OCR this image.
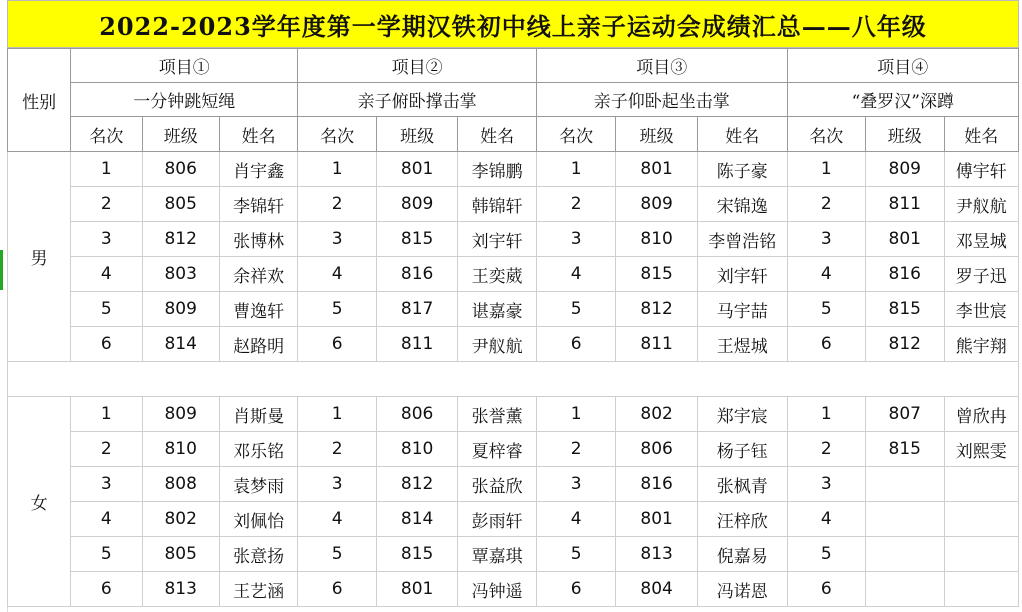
2022-2023学年度第一学期汉铁初中线上亲子运动会成绩汇总——八年级
性别	项目①			项目②			项目③			项目④		
	一分钟跳短绳			亲子俯卧撑击掌			亲子仰卧起坐击掌			“叠罗汉”深蹲		
	名次	班级	姓名	名次	班级	姓名	名次	班级	姓名	名次	班级	姓名
男	1	806	肖宇鑫	1	801	李锦鹏	1	801	陈子豪	1	809	傅宇轩
	2	805	李锦轩	2	809	韩锦轩	2	809	宋锦逸	2	811	尹舣航
	3	812	张博林	3	815	刘宇轩	3	810	李曾浩铭	3	801	邓昱城
	4	803	余祥欢	4	816	王奕葳	4	815	刘宇轩	4	816	罗子迅
	5	809	曹逸轩	5	817	谌嘉豪	5	812	马宇喆	5	815	李世宸
	6	814	赵路明	6	811	尹舣航	6	811	王煜城	6	812	熊宇翔

女	1	809	肖斯曼	1	806	张誉薰	1	802	郑宇宸	1	807	曾欣冉
	2	810	邓乐铭	2	810	夏梓睿	2	806	杨子钰	2	815	刘熙雯
	3	808	袁梦雨	3	812	张益欣	3	816	张枫青	3		
	4	802	刘佩怡	4	814	彭雨轩	4	801	汪梓欣	4		
	5	805	张意扬	5	815	覃嘉琪	5	813	倪嘉易	5		
	6	813	王艺涵	6	801	冯钟遥	6	804	冯诺恩	6		
